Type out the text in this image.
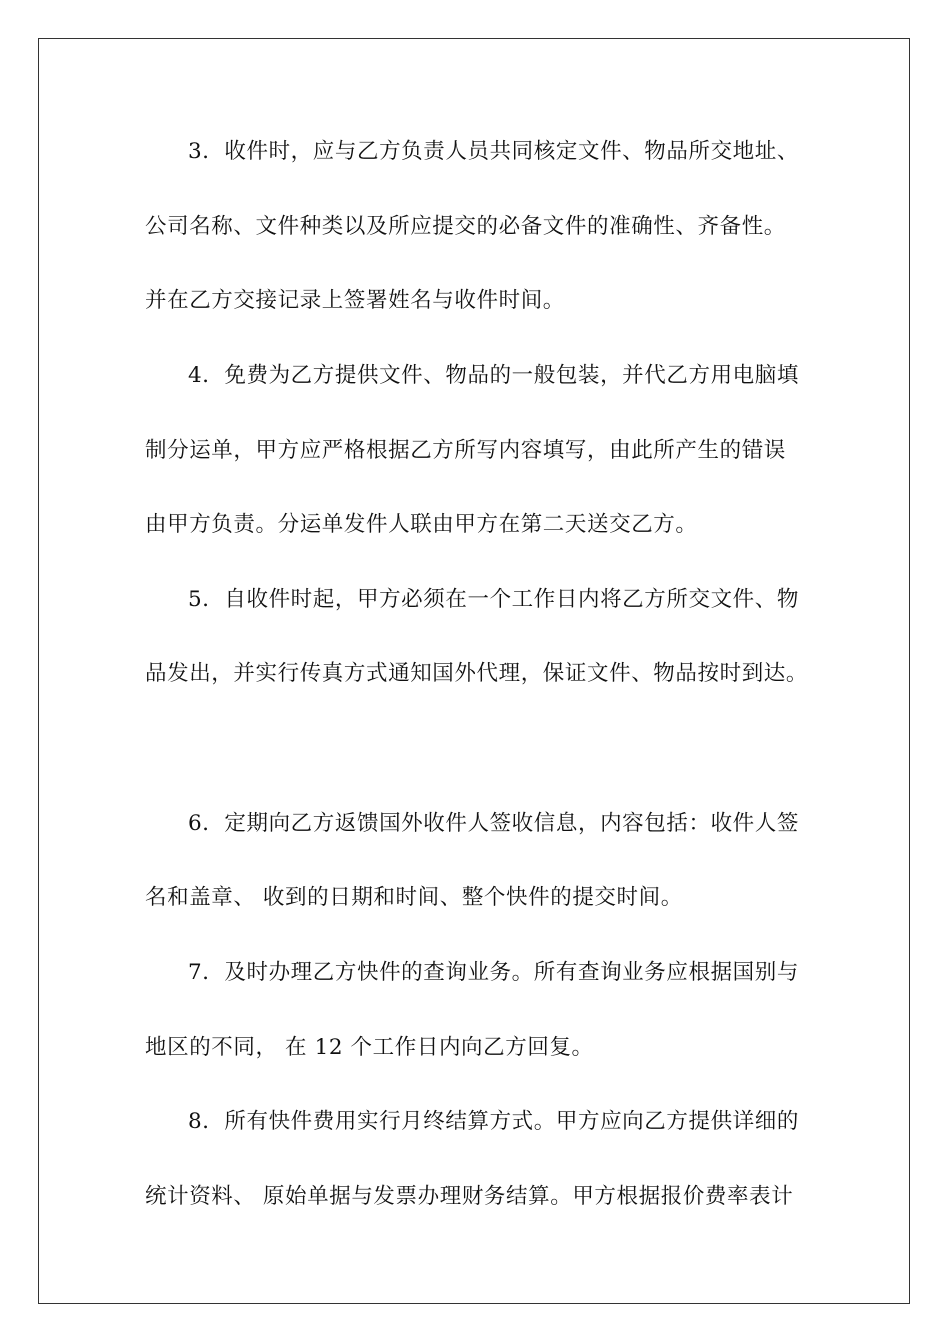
3．收件时，应与乙方负责人员共同核定文件、物品所交地址、
公司名称、文件种类以及所应提交的必备文件的准确性、齐备性。
并在乙方交接记录上签署姓名与收件时间。
4．免费为乙方提供文件、物品的一般包装，并代乙方用电脑填
制分运单，甲方应严格根据乙方所写内容填写，由此所产生的错误
由甲方负责。分运单发件人联由甲方在第二天送交乙方。
5．自收件时起，甲方必须在一个工作日内将乙方所交文件、物
品发出，并实行传真方式通知国外代理，保证文件、物品按时到达。
6．定期向乙方返馈国外收件人签收信息，内容包括：收件人签
名和盖章、 收到的日期和时间、整个快件的提交时间。
7．及时办理乙方快件的查询业务。所有查询业务应根据国别与
地区的不同， 在 12 个工作日内向乙方回复。
8．所有快件费用实行月终结算方式。甲方应向乙方提供详细的
统计资料、 原始单据与发票办理财务结算。甲方根据报价费率表计
